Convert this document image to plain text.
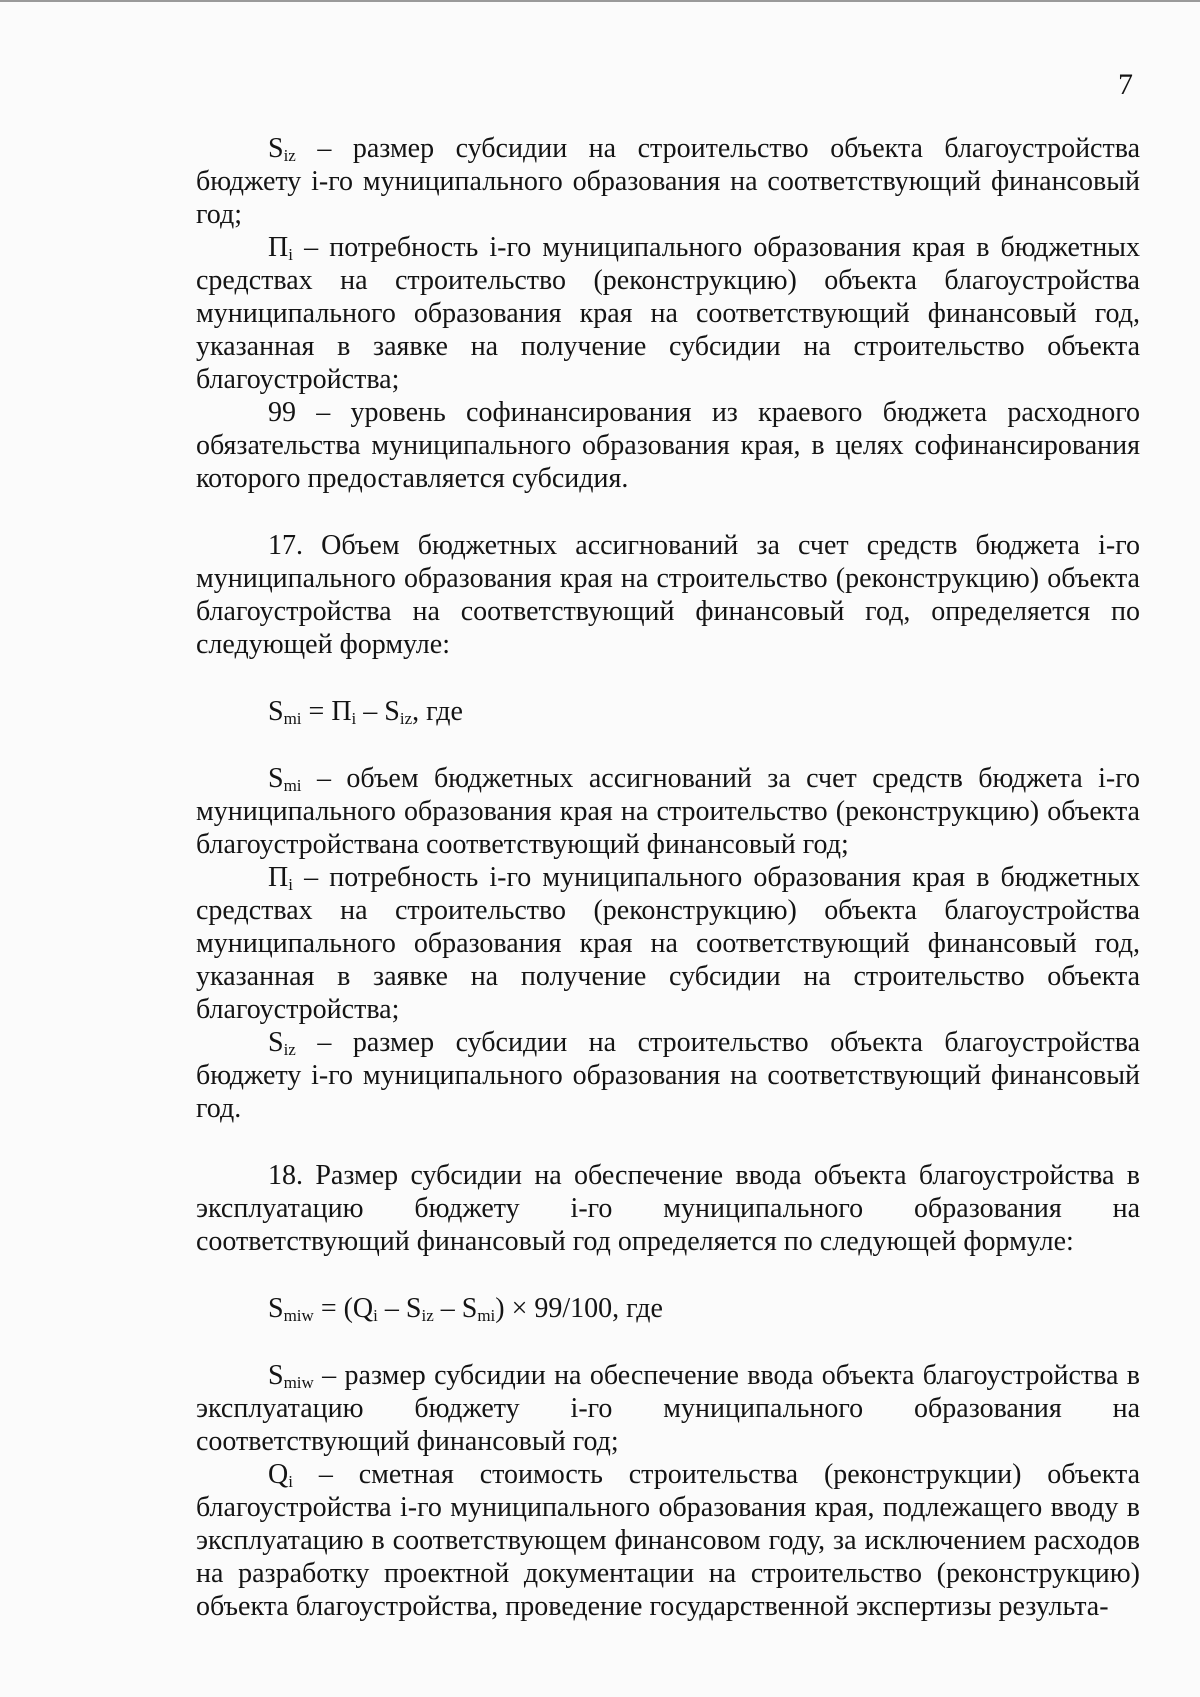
7

$S_{iz}$ – размер субсидии на строительство объекта благоустройства бюджету i-го муниципального образования на соответствующий финансовый год;

$П_i$ – потребность i-го муниципального образования края в бюджетных средствах на строительство (реконструкцию) объекта благоустройства муниципального образования края на соответствующий финансовый год, указанная в заявке на получение субсидии на строительство объекта благоустройства;

99 – уровень софинансирования из краевого бюджета расходного обязательства муниципального образования края, в целях софинансирования которого предоставляется субсидия.

17. Объем бюджетных ассигнований за счет средств бюджета i-го муниципального образования края на строительство (реконструкцию) объекта благоустройства на соответствующий финансовый год, определяется по следующей формуле:

$S_{mi} = П_i - S_{iz}$, где

$S_{mi}$ – объем бюджетных ассигнований за счет средств бюджета i-го муниципального образования края на строительство (реконструкцию) объекта благоустройствана соответствующий финансовый год;

$П_i$ – потребность i-го муниципального образования края в бюджетных средствах на строительство (реконструкцию) объекта благоустройства муниципального образования края на соответствующий финансовый год, указанная в заявке на получение субсидии на строительство объекта благоустройства;

$S_{iz}$ – размер субсидии на строительство объекта благоустройства бюджету i-го муниципального образования на соответствующий финансовый год.

18. Размер субсидии на обеспечение ввода объекта благоустройства в эксплуатацию бюджету i-го муниципального образования на соответствующий финансовый год определяется по следующей формуле:

$S_{miw} = (Q_i - S_{iz} - S_{mi}) \times 99/100$, где

$S_{miw}$ – размер субсидии на обеспечение ввода объекта благоустройства в эксплуатацию бюджету i-го муниципального образования на соответствующий финансовый год;

$Q_i$ – сметная стоимость строительства (реконструкции) объекта благоустройства i-го муниципального образования края, подлежащего вводу в эксплуатацию в соответствующем финансовом году, за исключением расходов на разработку проектной документации на строительство (реконструкцию) объекта благоустройства, проведение государственной экспертизы результа-
